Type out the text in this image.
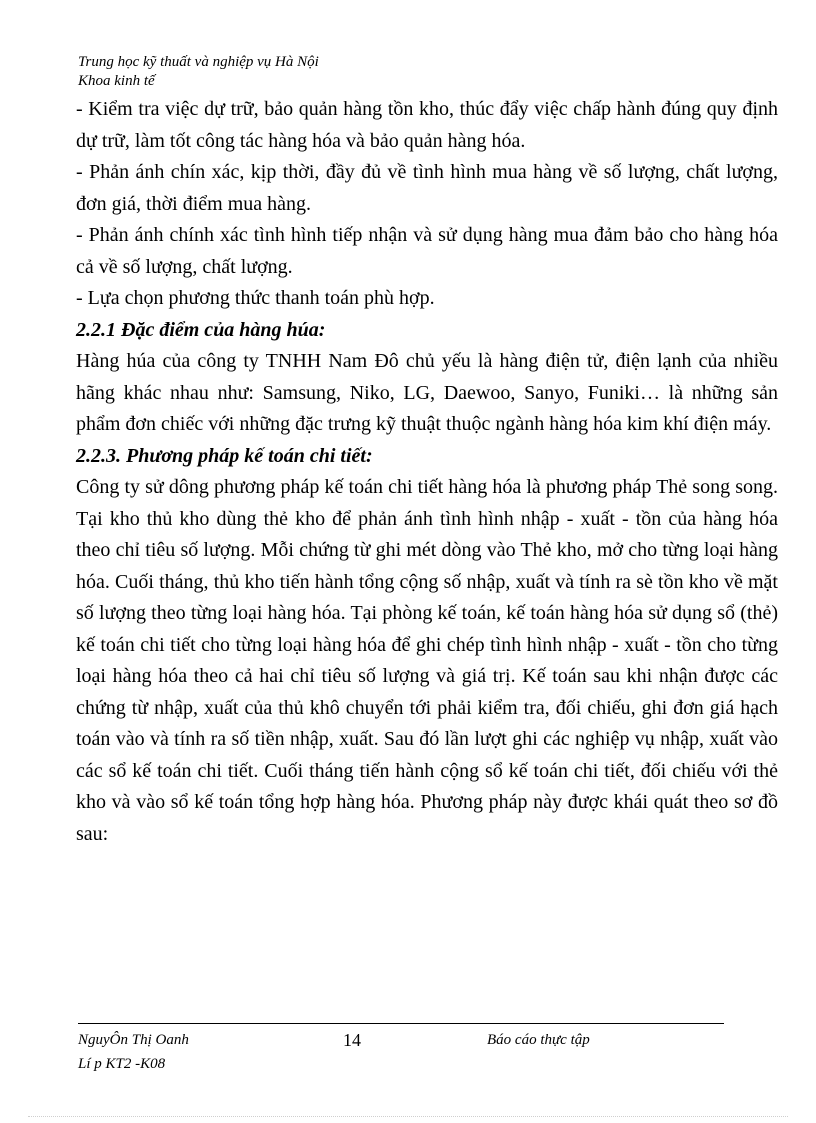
Trung học kỹ thuất và nghiệp vụ Hà Nội
Khoa kinh tế

- Kiểm tra việc dự trữ, bảo quản hàng tồn kho, thúc đẩy việc chấp hành đúng quy định dự trữ, làm tốt công tác hàng hóa và bảo quản hàng hóa.

- Phản ánh chín xác, kịp thời, đầy đủ về tình hình mua hàng về số lượng, chất lượng, đơn giá, thời điểm mua hàng.

- Phản ánh chính xác tình hình tiếp nhận và sử dụng hàng mua đảm bảo cho hàng hóa cả về số lượng, chất lượng.

- Lựa chọn phương thức thanh toán phù hợp.

2.2.1 Đặc điểm của hàng húa:

Hàng húa của công ty TNHH Nam Đô chủ yếu là hàng điện tử, điện lạnh của nhiều hãng khác nhau như: Samsung, Niko, LG, Daewoo, Sanyo, Funiki… là những sản phẩm đơn chiếc với những đặc trưng kỹ thuật thuộc ngành hàng hóa kim khí điện máy.

2.2.3. Phương pháp kế toán chi tiết:

Công ty sử dông phương pháp kế toán chi tiết hàng hóa là phương pháp Thẻ song song. Tại kho thủ kho dùng thẻ kho để phản ánh tình hình nhập - xuất - tồn của hàng hóa theo chỉ tiêu số lượng. Mỗi chứng từ ghi mét dòng vào Thẻ kho, mở cho từng loại hàng hóa. Cuối tháng, thủ kho tiến hành tổng cộng số nhập, xuất và tính ra sè tồn kho về mặt số lượng theo từng loại hàng hóa. Tại phòng kế toán, kế toán hàng hóa sử dụng sổ (thẻ) kế toán chi tiết cho từng loại hàng hóa để ghi chép tình hình nhập - xuất - tồn cho từng loại hàng hóa theo cả hai chỉ tiêu số lượng và giá trị. Kế toán sau khi nhận được các chứng từ nhập, xuất của thủ khô chuyển tới phải kiểm tra, đối chiếu, ghi đơn giá hạch toán vào và tính ra số tiền nhập, xuất. Sau đó lần lượt ghi các nghiệp vụ nhập, xuất vào các sổ kế toán chi tiết. Cuối tháng tiến hành cộng sổ kế toán chi tiết, đối chiếu với thẻ kho và vào sổ kế toán tổng hợp hàng hóa. Phương pháp này được khái quát theo sơ đồ sau:

NguyÔn Thị Oanh
Lí p KT2 -K08
14	Báo cáo thực tập
